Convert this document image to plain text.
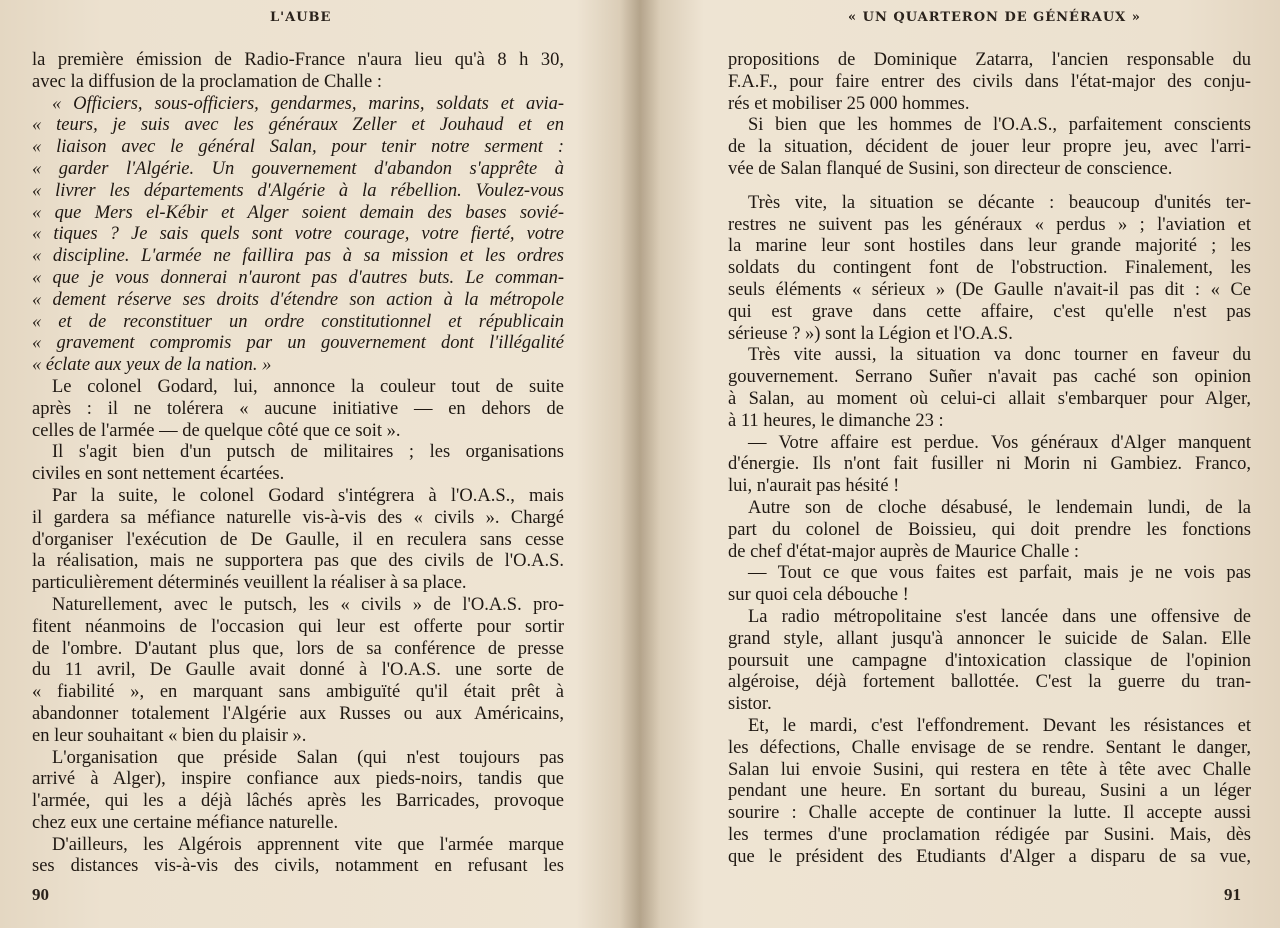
L'AUBE
la première émission de Radio-France n'aura lieu qu'à 8 h 30,
avec la diffusion de la proclamation de Challe :
« Officiers, sous-officiers, gendarmes, marins, soldats et avia-
« teurs, je suis avec les généraux Zeller et Jouhaud et en
« liaison avec le général Salan, pour tenir notre serment :
« garder l'Algérie. Un gouvernement d'abandon s'apprête à
« livrer les départements d'Algérie à la rébellion. Voulez-vous
« que Mers el-Kébir et Alger soient demain des bases sovié-
« tiques ? Je sais quels sont votre courage, votre fierté, votre
« discipline. L'armée ne faillira pas à sa mission et les ordres
« que je vous donnerai n'auront pas d'autres buts. Le comman-
« dement réserve ses droits d'étendre son action à la métropole
« et de reconstituer un ordre constitutionnel et républicain
« gravement compromis par un gouvernement dont l'illégalité
« éclate aux yeux de la nation. »
Le colonel Godard, lui, annonce la couleur tout de suite
après : il ne tolérera « aucune initiative — en dehors de
celles de l'armée — de quelque côté que ce soit ».
Il s'agit bien d'un putsch de militaires ; les organisations
civiles en sont nettement écartées.
Par la suite, le colonel Godard s'intégrera à l'O.A.S., mais
il gardera sa méfiance naturelle vis-à-vis des « civils ». Chargé
d'organiser l'exécution de De Gaulle, il en reculera sans cesse
la réalisation, mais ne supportera pas que des civils de l'O.A.S.
particulièrement déterminés veuillent la réaliser à sa place.
Naturellement, avec le putsch, les « civils » de l'O.A.S. pro-
fitent néanmoins de l'occasion qui leur est offerte pour sortir
de l'ombre. D'autant plus que, lors de sa conférence de presse
du 11 avril, De Gaulle avait donné à l'O.A.S. une sorte de
« fiabilité », en marquant sans ambiguïté qu'il était prêt à
abandonner totalement l'Algérie aux Russes ou aux Américains,
en leur souhaitant « bien du plaisir ».
L'organisation que préside Salan (qui n'est toujours pas
arrivé à Alger), inspire confiance aux pieds-noirs, tandis que
l'armée, qui les a déjà lâchés après les Barricades, provoque
chez eux une certaine méfiance naturelle.
D'ailleurs, les Algérois apprennent vite que l'armée marque
ses distances vis-à-vis des civils, notamment en refusant les
90
« UN QUARTERON DE GÉNÉRAUX »
propositions de Dominique Zatarra, l'ancien responsable du
F.A.F., pour faire entrer des civils dans l'état-major des conju-
rés et mobiliser 25 000 hommes.
Si bien que les hommes de l'O.A.S., parfaitement conscients
de la situation, décident de jouer leur propre jeu, avec l'arri-
vée de Salan flanqué de Susini, son directeur de conscience.
Très vite, la situation se décante : beaucoup d'unités ter-
restres ne suivent pas les généraux « perdus » ; l'aviation et
la marine leur sont hostiles dans leur grande majorité ; les
soldats du contingent font de l'obstruction. Finalement, les
seuls éléments « sérieux » (De Gaulle n'avait-il pas dit : « Ce
qui est grave dans cette affaire, c'est qu'elle n'est pas
sérieuse ? ») sont la Légion et l'O.A.S.
Très vite aussi, la situation va donc tourner en faveur du
gouvernement. Serrano Suñer n'avait pas caché son opinion
à Salan, au moment où celui-ci allait s'embarquer pour Alger,
à 11 heures, le dimanche 23 :
— Votre affaire est perdue. Vos généraux d'Alger manquent
d'énergie. Ils n'ont fait fusiller ni Morin ni Gambiez. Franco,
lui, n'aurait pas hésité !
Autre son de cloche désabusé, le lendemain lundi, de la
part du colonel de Boissieu, qui doit prendre les fonctions
de chef d'état-major auprès de Maurice Challe :
— Tout ce que vous faites est parfait, mais je ne vois pas
sur quoi cela débouche !
La radio métropolitaine s'est lancée dans une offensive de
grand style, allant jusqu'à annoncer le suicide de Salan. Elle
poursuit une campagne d'intoxication classique de l'opinion
algéroise, déjà fortement ballottée. C'est la guerre du tran-
sistor.
Et, le mardi, c'est l'effondrement. Devant les résistances et
les défections, Challe envisage de se rendre. Sentant le danger,
Salan lui envoie Susini, qui restera en tête à tête avec Challe
pendant une heure. En sortant du bureau, Susini a un léger
sourire : Challe accepte de continuer la lutte. Il accepte aussi
les termes d'une proclamation rédigée par Susini. Mais, dès
que le président des Etudiants d'Alger a disparu de sa vue,
91
